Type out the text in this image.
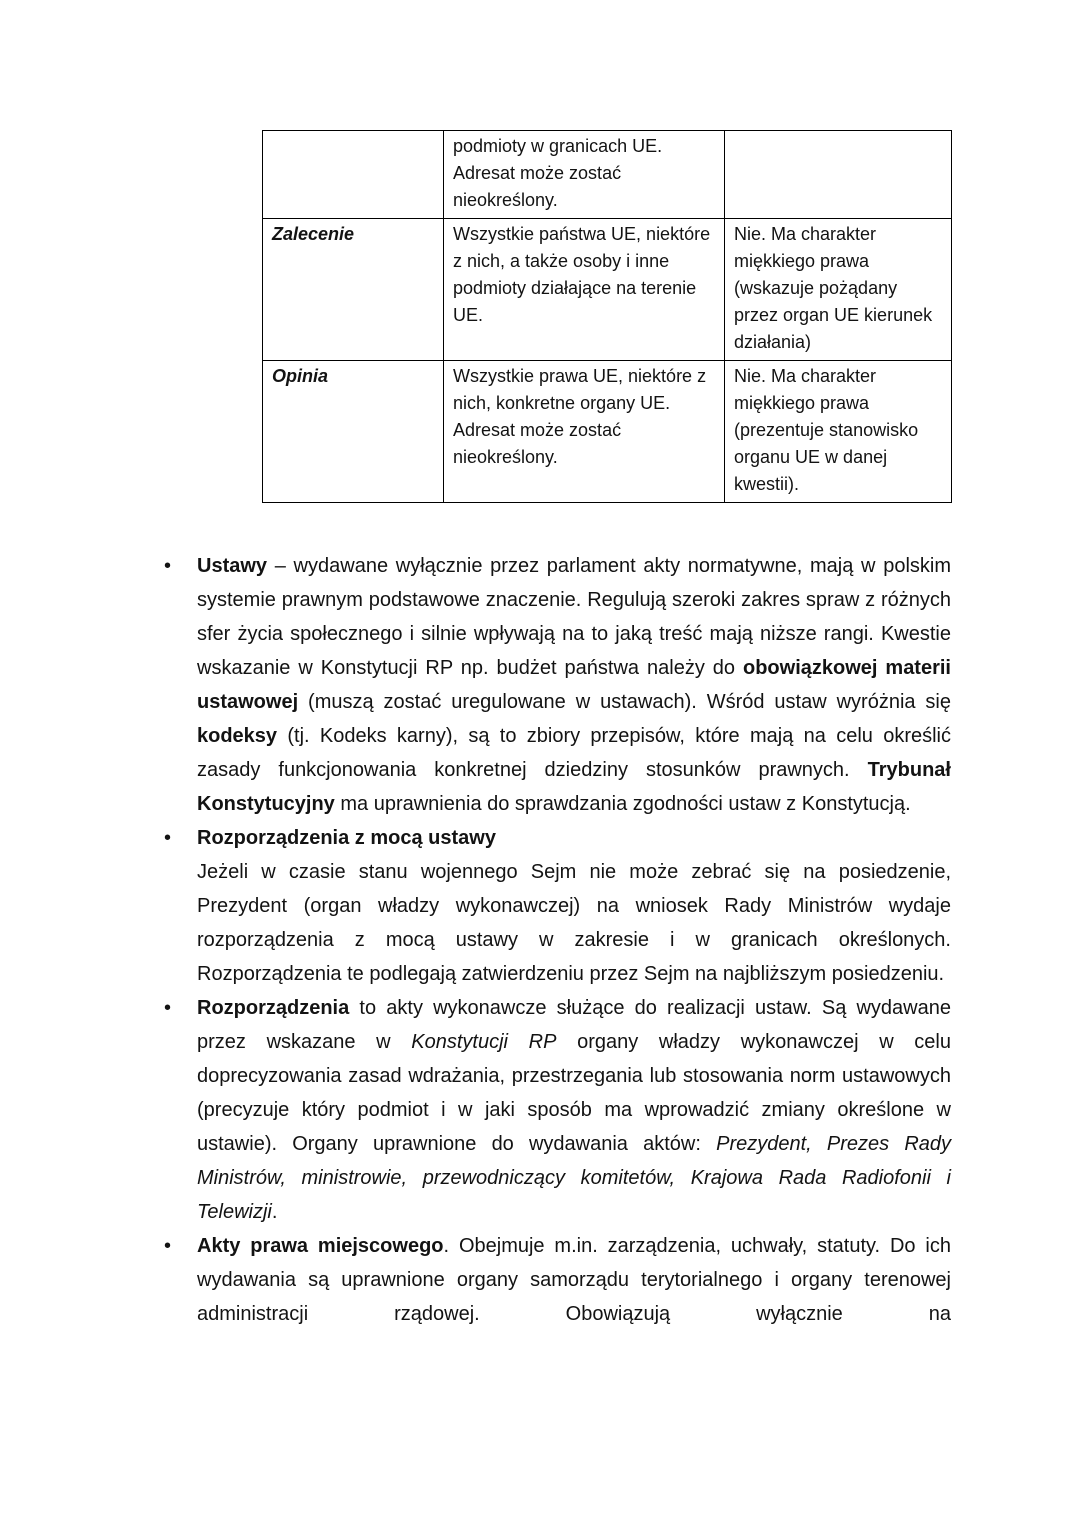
	podmioty w granicach UE. Adresat może zostać nieokreślony.	
Zalecenie	Wszystkie państwa UE, niektóre z nich, a także osoby i inne podmioty działające na terenie UE.	Nie. Ma charakter miękkiego prawa (wskazuje pożądany przez organ UE kierunek działania)
Opinia	Wszystkie prawa UE, niektóre z nich, konkretne organy UE. Adresat może zostać nieokreślony.	Nie. Ma charakter miękkiego prawa (prezentuje stanowisko organu UE w danej kwestii).
•	Ustawy – wydawane wyłącznie przez parlament akty normatywne, mają w polskim systemie prawnym podstawowe znaczenie. Regulują szeroki zakres spraw z różnych sfer życia społecznego i silnie wpływają na to jaką treść mają niższe rangi. Kwestie wskazanie w Konstytucji RP np. budżet państwa należy do obowiązkowej materii ustawowej (muszą zostać uregulowane w ustawach). Wśród ustaw wyróżnia się kodeksy (tj. Kodeks karny), są to zbiory przepisów, które mają na celu określić zasady funkcjonowania konkretnej dziedziny stosunków prawnych. Trybunał Konstytucyjny ma uprawnienia do sprawdzania zgodności ustaw z Konstytucją.
•	Rozporządzenia z mocą ustawy
Jeżeli w czasie stanu wojennego Sejm nie może zebrać się na posiedzenie, Prezydent (organ władzy wykonawczej) na wniosek Rady Ministrów wydaje rozporządzenia z mocą ustawy w zakresie i w granicach określonych. Rozporządzenia te podlegają zatwierdzeniu przez Sejm na najbliższym posiedzeniu.
•	Rozporządzenia to akty wykonawcze służące do realizacji ustaw. Są wydawane przez wskazane w Konstytucji RP organy władzy wykonawczej w celu doprecyzowania zasad wdrażania, przestrzegania lub stosowania norm ustawowych (precyzuje który podmiot i w jaki sposób ma wprowadzić zmiany określone w ustawie). Organy uprawnione do wydawania aktów: Prezydent, Prezes Rady Ministrów, ministrowie, przewodniczący komitetów, Krajowa Rada Radiofonii i Telewizji.
•	Akty prawa miejscowego. Obejmuje m.in. zarządzenia, uchwały, statuty. Do ich wydawania są uprawnione organy samorządu terytorialnego i organy terenowej administracji rządowej. Obowiązują wyłącznie na
